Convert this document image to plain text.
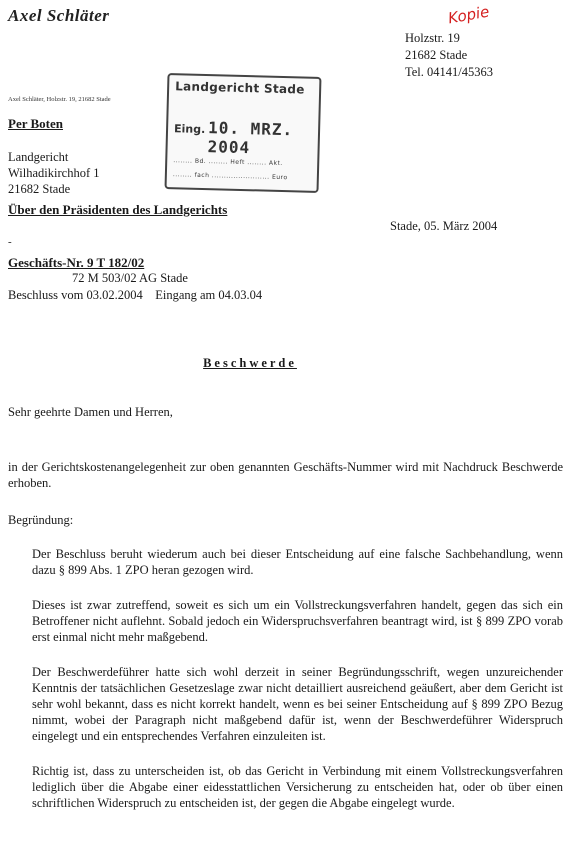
Axel Schläter	Kopie
Holzstr. 19
21682 Stade
Tel. 04141/45363
Axel Schläter, Holzstr. 19, 21682 Stade
Per Boten
Landgericht
Wilhadikirchhof 1
21682 Stade
Über den Präsidenten des Landgerichts
Landgericht Stade
Eing. 10. MRZ. 2004
........ Bd. ........ Heft ........ Akt.
........ fach ........................ Euro
Stade, 05. März 2004
-
Geschäfts-Nr. 9 T 182/02
72 M 503/02 AG Stade
Beschluss vom 03.02.2004    Eingang am 04.03.04
Beschwerde
Sehr geehrte Damen und Herren,
in der Gerichtskostenangelegenheit zur oben genannten Geschäfts-Nummer wird mit Nachdruck Beschwerde erhoben.
Begründung:
Der Beschluss beruht wiederum auch bei dieser Entscheidung auf eine falsche Sachbehandlung, wenn dazu § 899 Abs. 1 ZPO heran gezogen wird.
Dieses ist zwar zutreffend, soweit es sich um ein Vollstreckungsverfahren handelt, gegen das sich ein Betroffener nicht auflehnt. Sobald jedoch ein Widerspruchsverfahren beantragt wird, ist § 899 ZPO vorab erst einmal nicht mehr maßgebend.
Der Beschwerdeführer hatte sich wohl derzeit in seiner Begründungsschrift, wegen unzureichender Kenntnis der tatsächlichen Gesetzeslage zwar nicht detailliert ausreichend geäußert, aber dem Gericht ist sehr wohl bekannt, dass es nicht korrekt handelt, wenn es bei seiner Entscheidung auf § 899 ZPO Bezug nimmt, wobei der Paragraph nicht maßgebend dafür ist, wenn der Beschwerdeführer Widerspruch eingelegt und ein entsprechendes Verfahren einzuleiten ist.
Richtig ist, dass zu unterscheiden ist, ob das Gericht in Verbindung mit einem Vollstreckungsverfahren lediglich über die Abgabe einer eidesstattlichen Versicherung zu entscheiden hat, oder ob über einen schriftlichen Widerspruch zu entscheiden ist, der gegen die Abgabe eingelegt wurde.
